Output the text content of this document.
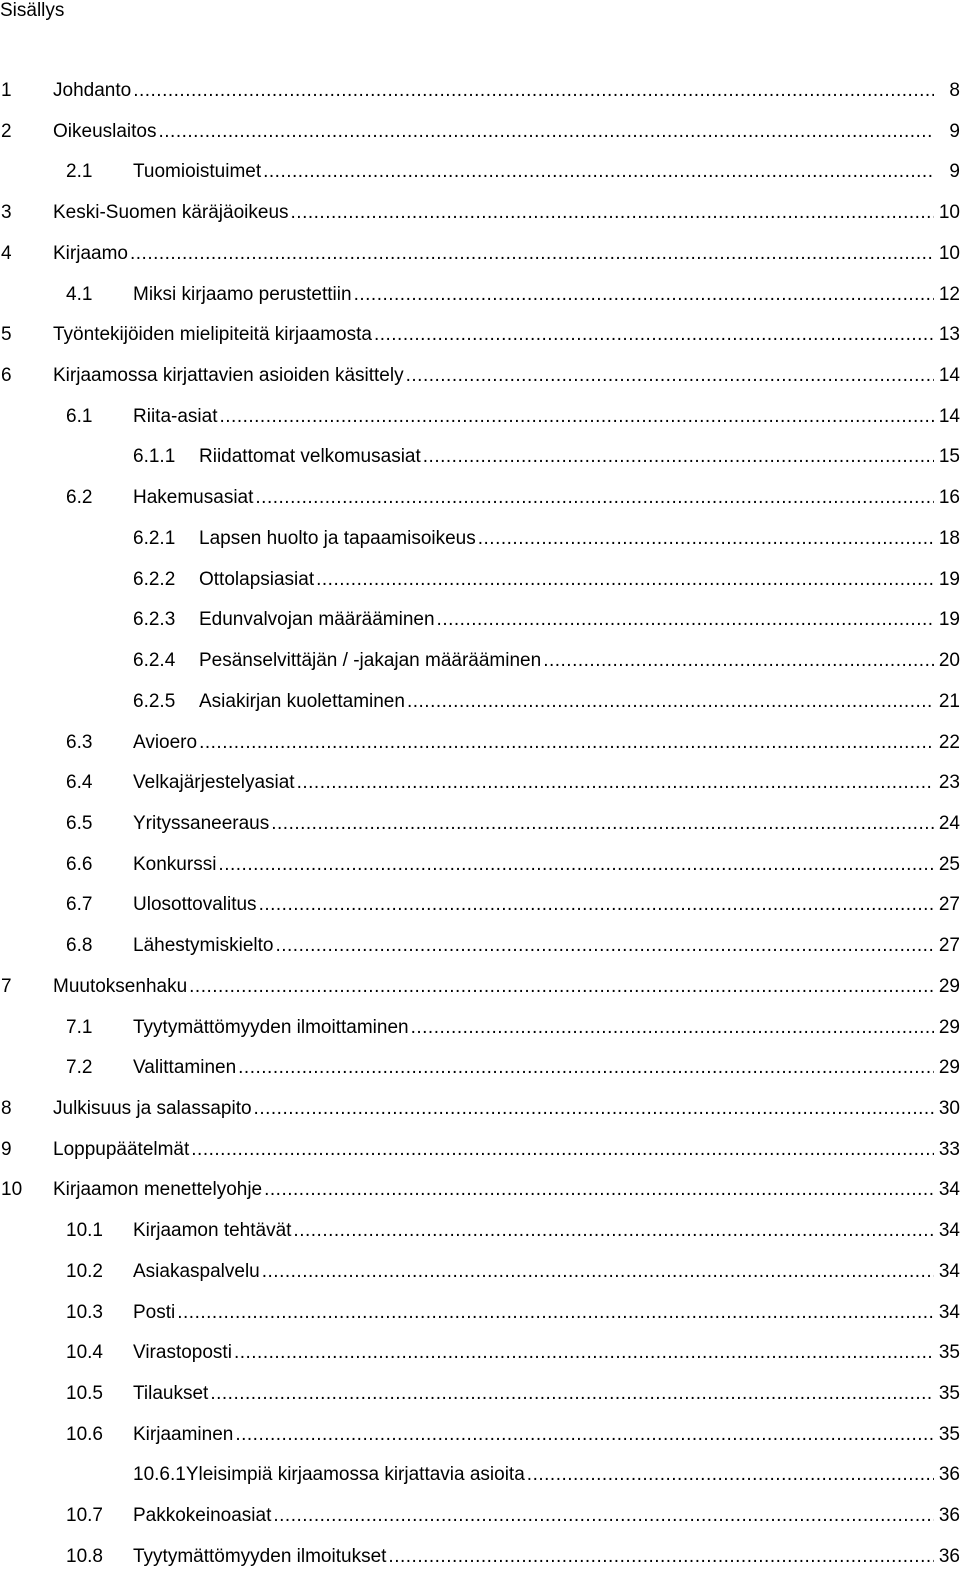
Sisällys
1 Johdanto .....	8
2 Oikeuslaitos .....	9
2.1 Tuomioistuimet .....	9
3 Keski-Suomen käräjäoikeus .....	10
4 Kirjaamo .....	10
4.1 Miksi kirjaamo perustettiin .....	12
5 Työntekijöiden mielipiteitä kirjaamosta .....	13
6 Kirjaamossa kirjattavien asioiden käsittely .....	14
6.1 Riita-asiat .....	14
6.1.1 Riidattomat velkomusasiat .....	15
6.2 Hakemusasiat .....	16
6.2.1 Lapsen huolto ja tapaamisoikeus .....	18
6.2.2 Ottolapsiasiat .....	19
6.2.3 Edunvalvojan määrääminen .....	19
6.2.4 Pesänselvittäjän / -jakajan määrääminen .....	20
6.2.5 Asiakirjan kuolettaminen .....	21
6.3 Avioero .....	22
6.4 Velkajärjestelyasiat .....	23
6.5 Yrityssaneeraus .....	24
6.6 Konkurssi .....	25
6.7 Ulosottovalitus .....	27
6.8 Lähestymiskielto .....	27
7 Muutoksenhaku .....	29
7.1 Tyytymättömyyden ilmoittaminen .....	29
7.2 Valittaminen .....	29
8 Julkisuus ja salassapito .....	30
9 Loppupäätelmät .....	33
10 Kirjaamon menettelyohje .....	34
10.1 Kirjaamon tehtävät .....	34
10.2 Asiakaspalvelu .....	34
10.3 Posti .....	34
10.4 Virastoposti .....	35
10.5 Tilaukset .....	35
10.6 Kirjaaminen .....	35
10.6.1Yleisimpiä kirjaamossa kirjattavia asioita .....	36
10.7 Pakkokeinoasiat .....	36
10.8 Tyytymättömyyden ilmoitukset .....	36
